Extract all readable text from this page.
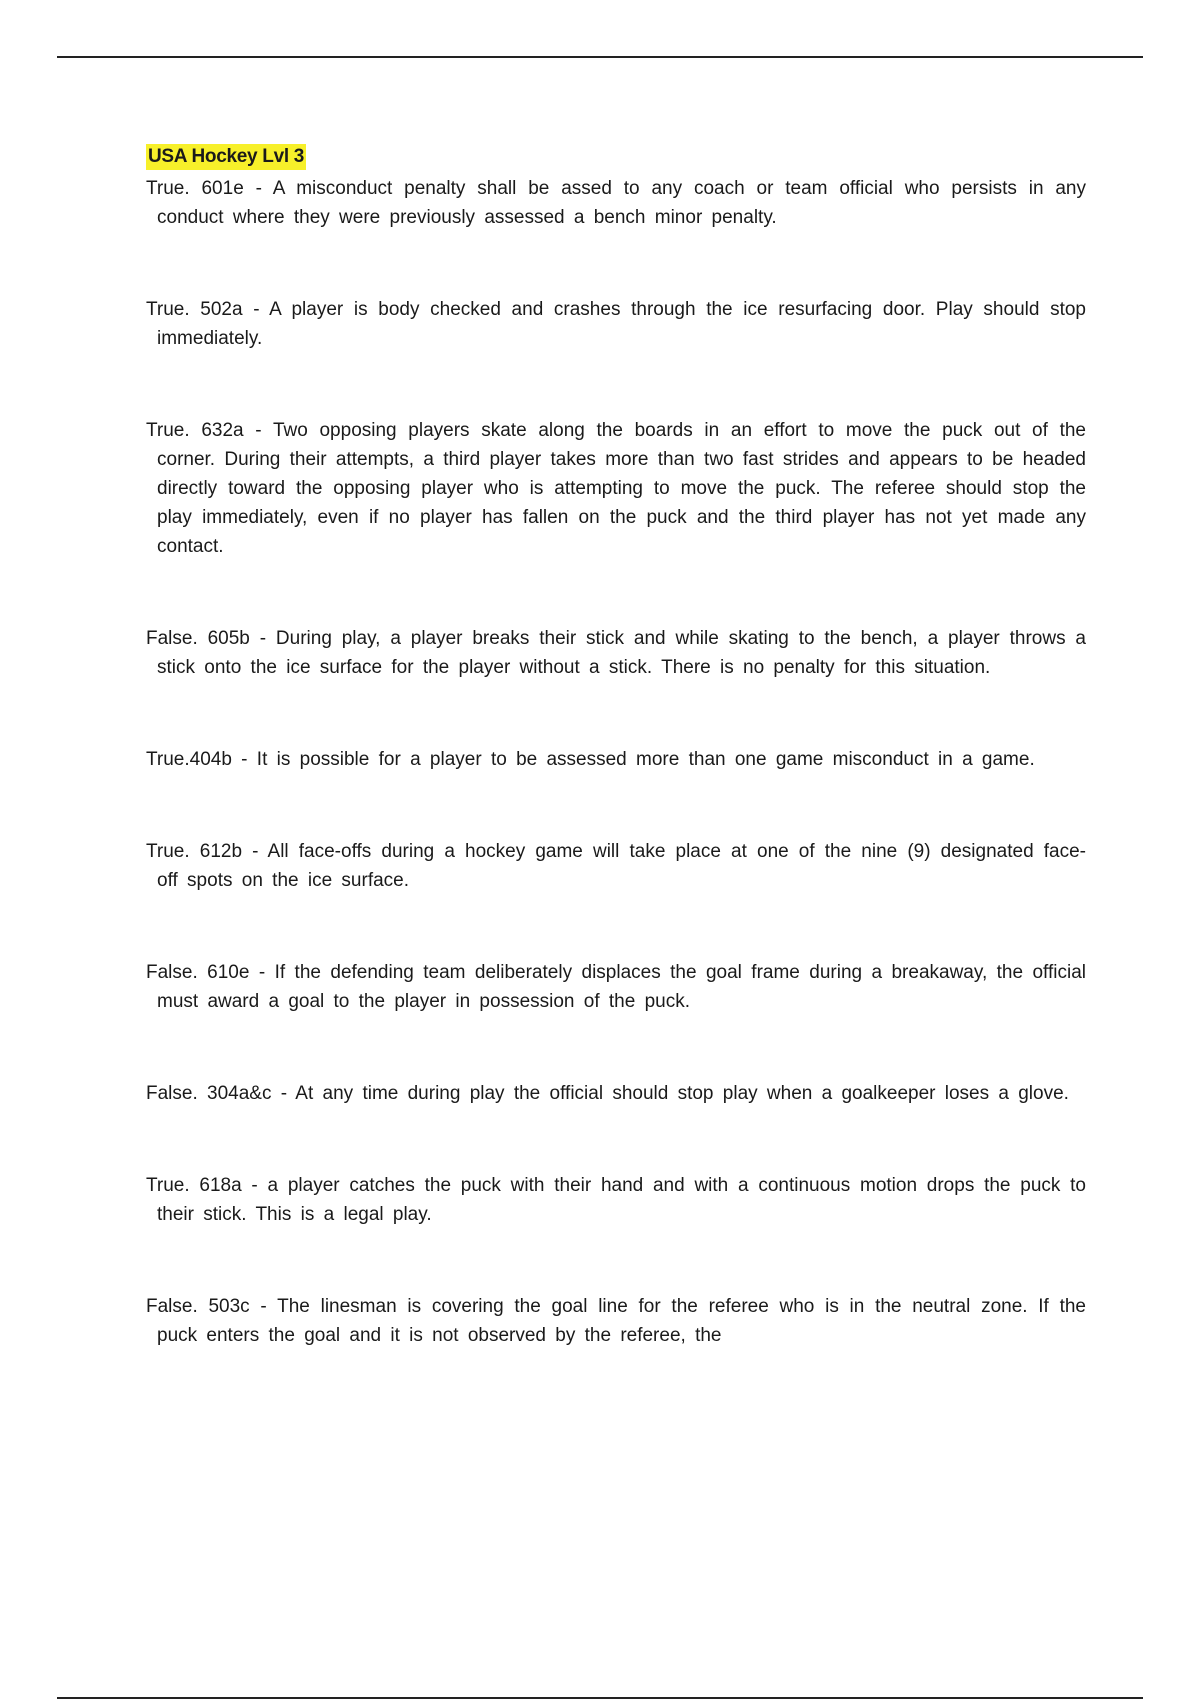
USA Hockey Lvl 3
True. 601e - A misconduct penalty shall be assed to any coach or team official who persists in any conduct where they were previously assessed a bench minor penalty.
True. 502a - A player is body checked and crashes through the ice resurfacing door. Play should stop immediately.
True. 632a - Two opposing players skate along the boards in an effort to move the puck out of the corner. During their attempts, a third player takes more than two fast strides and appears to be headed directly toward the opposing player who is attempting to move the puck. The referee should stop the play immediately, even if no player has fallen on the puck and the third player has not yet made any contact.
False. 605b - During play, a player breaks their stick and while skating to the bench, a player throws a stick onto the ice surface for the player without a stick. There is no penalty for this situation.
True.404b - It is possible for a player to be assessed more than one game misconduct in a game.
True. 612b - All face-offs during a hockey game will take place at one of the nine (9) designated face-off spots on the ice surface.
False. 610e - If the defending team deliberately displaces the goal frame during a breakaway, the official must award a goal to the player in possession of the puck.
False. 304a&c - At any time during play the official should stop play when a goalkeeper loses a glove.
True. 618a - a player catches the puck with their hand and with a continuous motion drops the puck to their stick. This is a legal play.
False. 503c - The linesman is covering the goal line for the referee who is in the neutral zone. If the puck enters the goal and it is not observed by the referee, the
